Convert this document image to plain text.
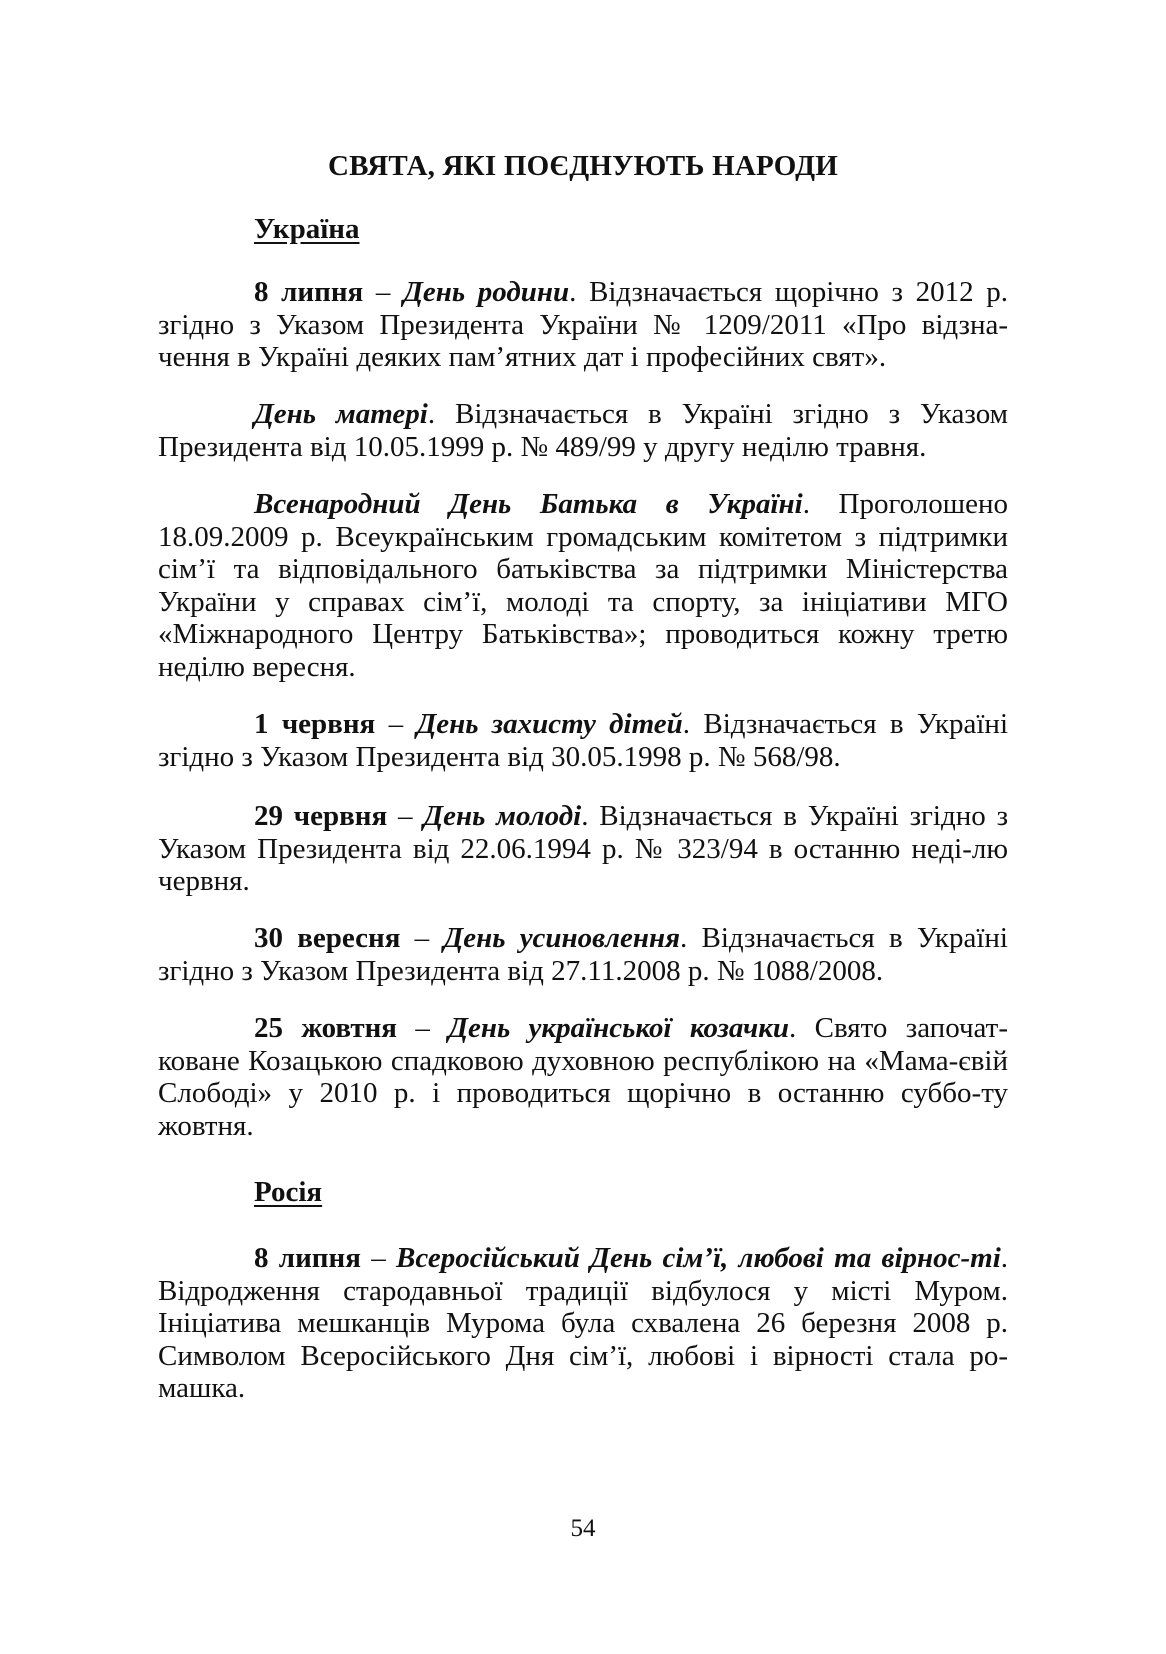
СВЯТА, ЯКІ ПОЄДНУЮТЬ НАРОДИ
Україна
8 липня – День родини. Відзначається щорічно з 2012 р. згідно з Указом Президента України № 1209/2011 «Про відзна-чення в Україні деяких пам’ятних дат і професійних свят».
День матері. Відзначається в Україні згідно з Указом Президента від 10.05.1999 р. № 489/99 у другу неділю травня.
Всенародний День Батька в Україні. Проголошено 18.09.2009 р. Всеукраїнським громадським комітетом з підтримки сім’ї та відповідального батьківства за підтримки Міністерства України у справах сім’ї, молоді та спорту, за ініціативи МГО «Міжнародного Центру Батьківства»; проводиться кожну третю неділю вересня.
1 червня – День захисту дітей. Відзначається в Україні згідно з Указом Президента від 30.05.1998 р. № 568/98.
29 червня – День молоді. Відзначається в Україні згідно з Указом Президента від 22.06.1994 р. № 323/94 в останню неді-лю червня.
30 вересня – День усиновлення. Відзначається в Україні згідно з Указом Президента від 27.11.2008 р. № 1088/2008.
25 жовтня – День української козачки. Свято започат- коване Козацькою спадковою духовною республікою на «Мама-євій Слободі» у 2010 р. і проводиться щорічно в останню суббо-ту жовтня.
Росія
8 липня – Всеросійський День сім’ї, любові та вірнос-ті. Відродження стародавньої традиції відбулося у місті Муром. Ініціатива мешканців Мурома була схвалена 26 березня 2008 р. Символом Всеросійського Дня сім’ї, любові і вірності стала ро-машка.
54
